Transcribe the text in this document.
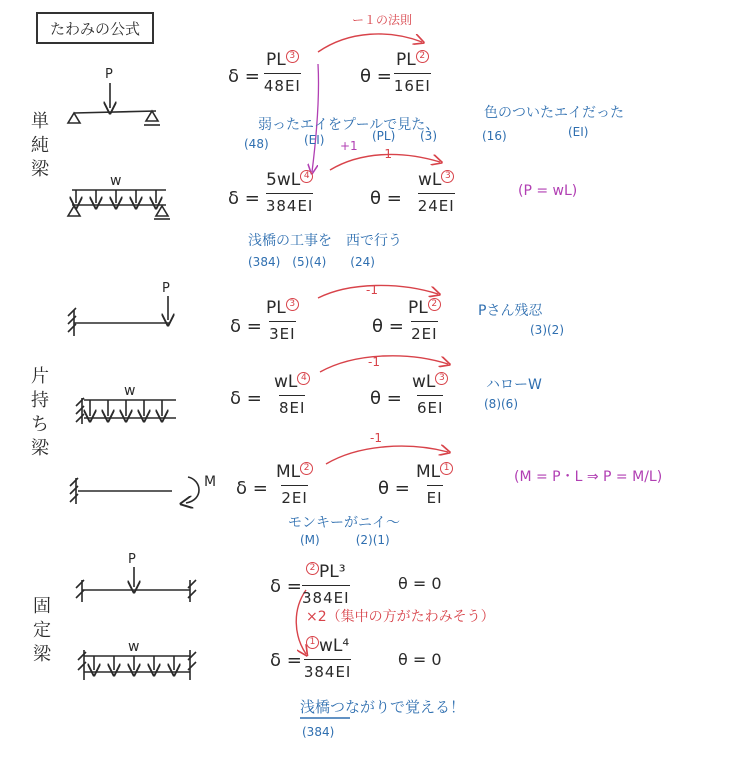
たわみの公式
単
純
梁
片
持
ち
梁
固
定
梁
P
w
P
w
M
P
w
$\delta = \frac{PL 3}{48EI}$	$\theta = \frac{PL 2}{16EI}$
ー１の法則
弱ったエイをプールで見た、
色のついたエイだった
(48)	(EI)	(PL) (3)	(16)	(EI)
+1
$\delta = \frac{5wL 4}{384EI}$	$\theta = \frac{wL 3}{24EI}$
-1
(P = wL)
浅橋の工事を　西で行う
(384)　(5)(4)　　(24)
$\delta = \frac{PL 3}{3EI}$	$\theta = \frac{PL 2}{2EI}$
-1
Pさん残忍
(3)(2)
$\delta = \frac{wL 4}{8EI}$	$\theta = \frac{wL 3}{6EI}$
-1
ハローW
(8)(6)
$\delta = \frac{ML 2}{2EI}$	$\theta = \frac{ML 1}{EI}$
-1
(M = P・L ⇒ P = M/L)
モンキーがニイ〜
(M)　　　(2)(1)
$\delta = \frac{\text{2 PL³}}{384EI}$	θ = 0
×2（集中の方がたわみそう）
$\delta = \frac{\text{1 wL⁴}}{384EI}$	θ = 0
浅橋つながりで覚える！
(384)
